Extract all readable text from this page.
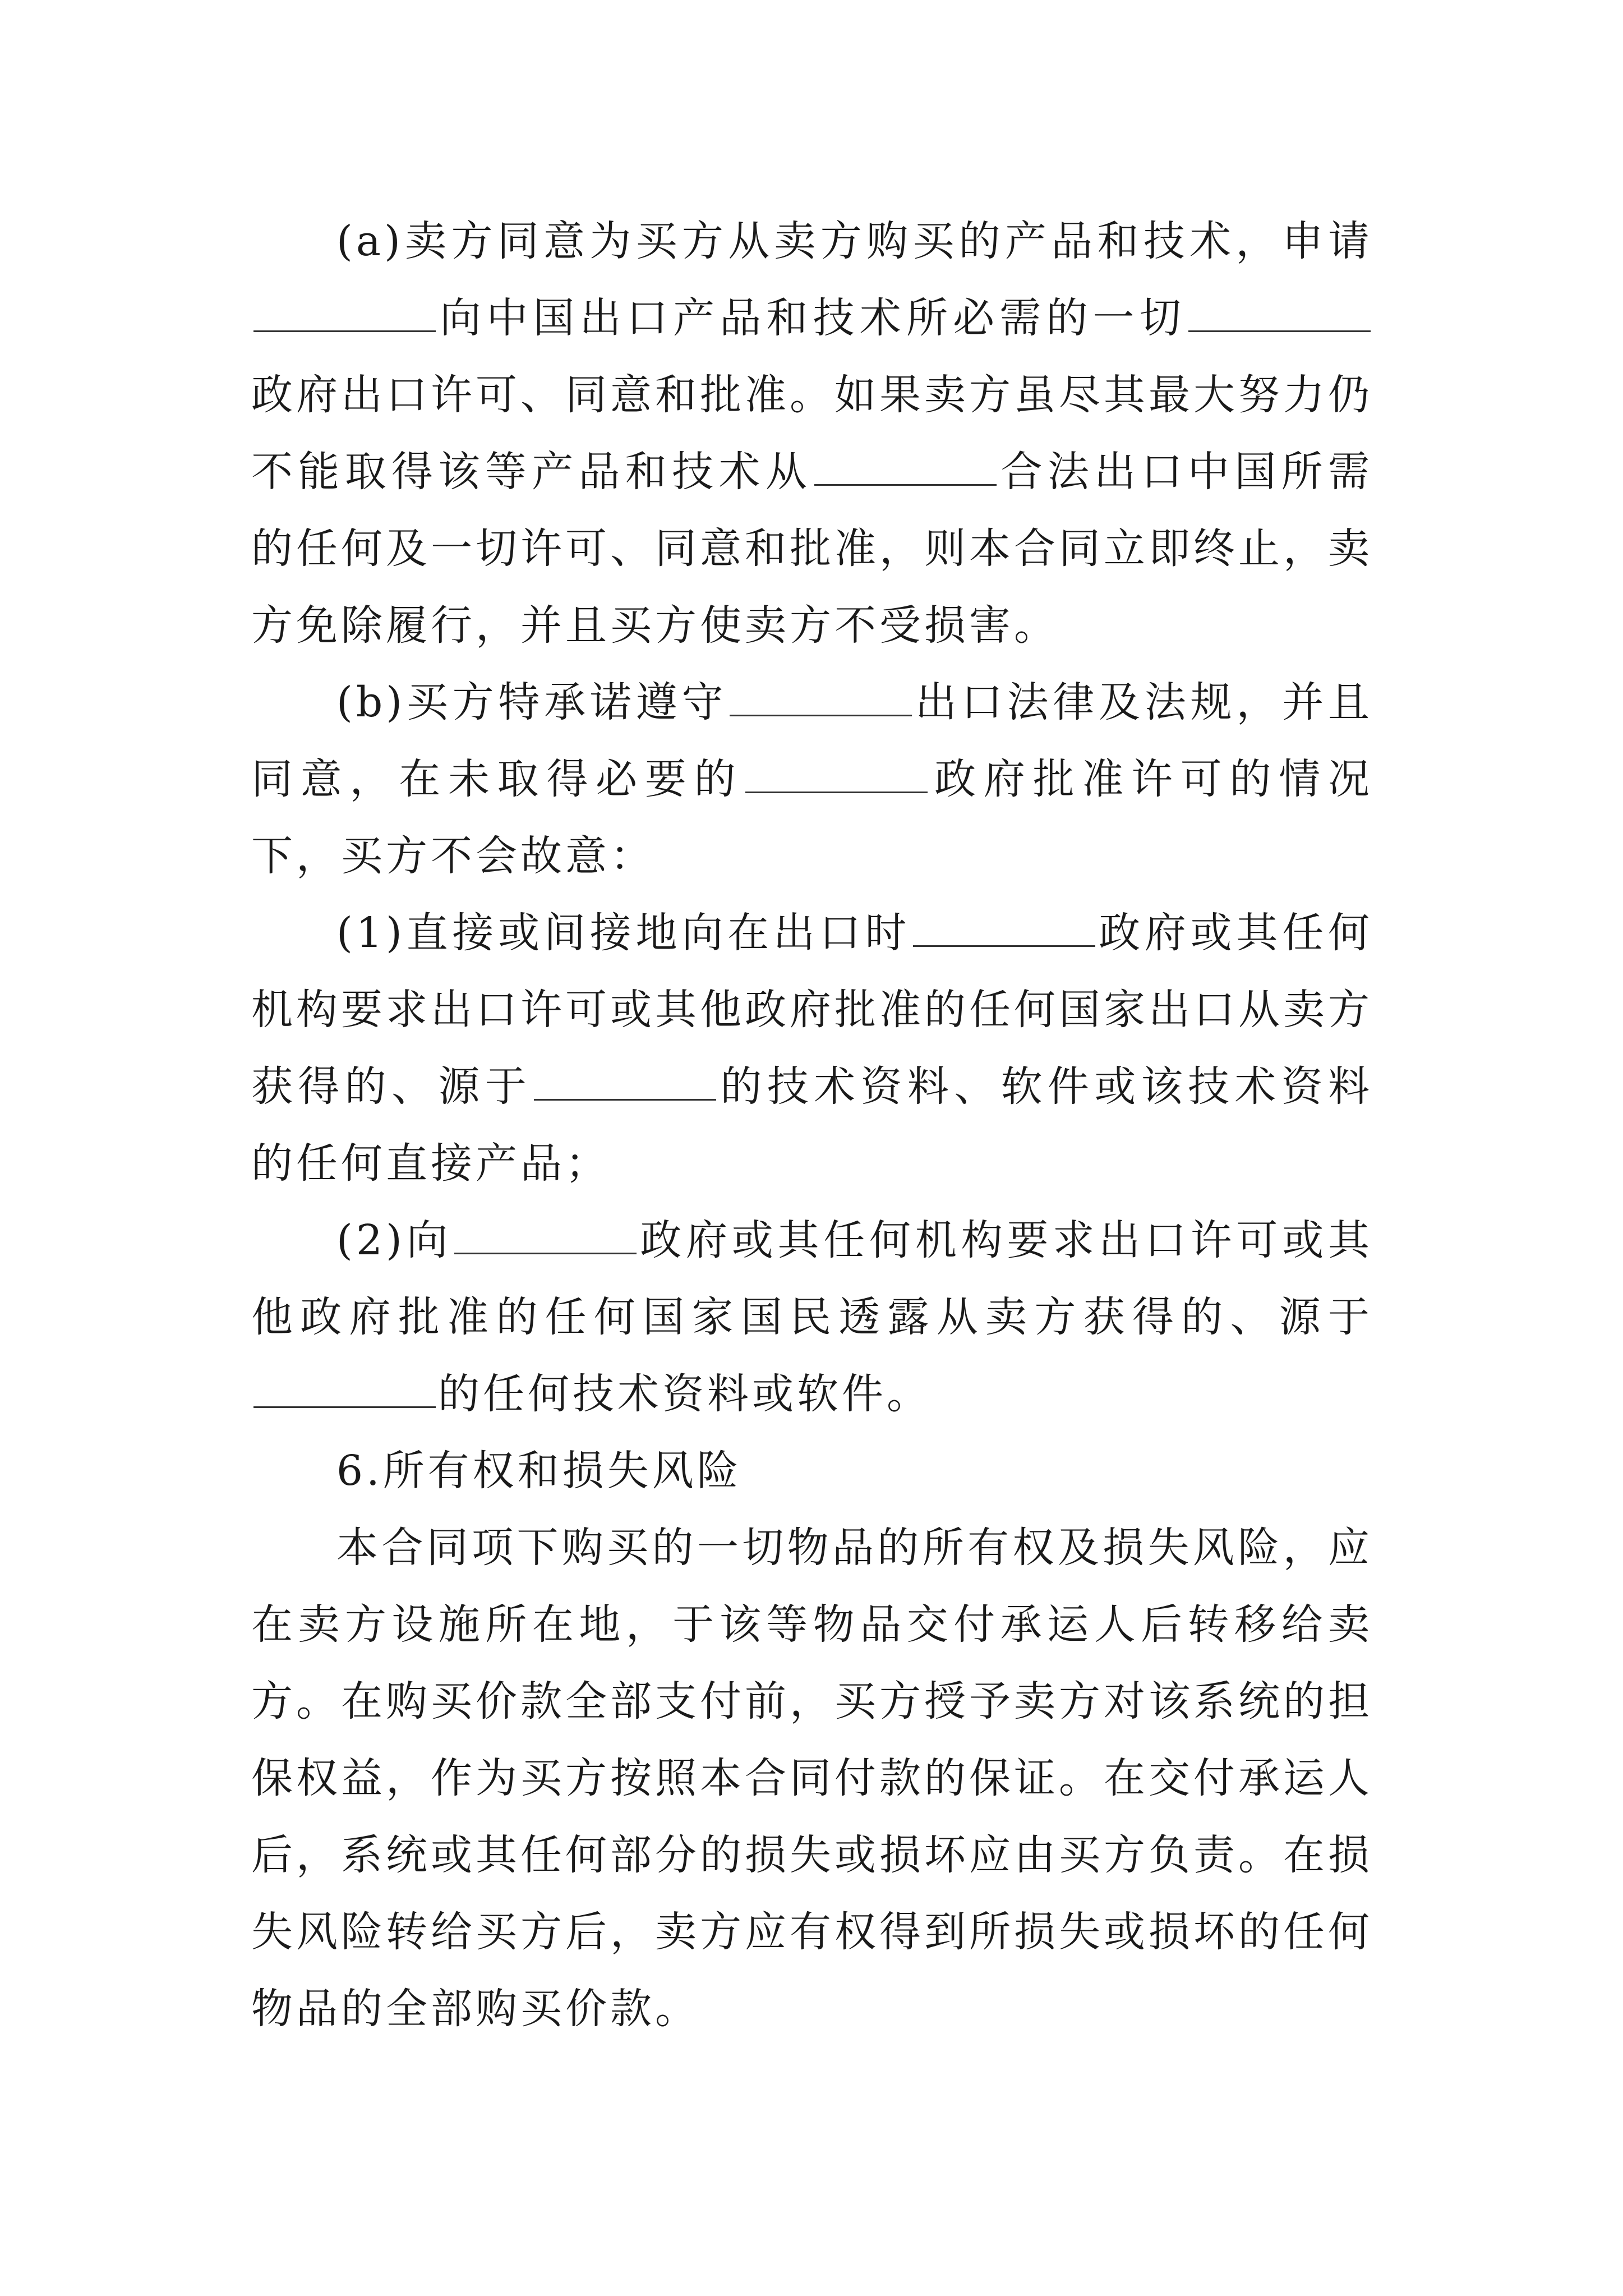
(a)卖方同意为买方从卖方购买的产品和技术，申请向中国出口产品和技术所必需的一切政府出口许可、同意和批准。如果卖方虽尽其最大努力仍不能取得该等产品和技术从	合法出口中国所需的任何及一切许可、同意和批准，则本合同立即终止，卖方免除履行，并且买方使卖方不受损害。

(b)买方特承诺遵守	出口法律及法规，并且同意，在未取得必要的	政府批准许可的情况下，买方不会故意：

(1)直接或间接地向在出口时	政府或其任何机构要求出口许可或其他政府批准的任何国家出口从卖方获得的、源于	的技术资料、软件或该技术资料的任何直接产品；

(2)向	政府或其任何机构要求出口许可或其他政府批准的任何国家国民透露从卖方获得的、源于的任何技术资料或软件。

6.所有权和损失风险

本合同项下购买的一切物品的所有权及损失风险，应在卖方设施所在地，于该等物品交付承运人后转移给卖方。在购买价款全部支付前，买方授予卖方对该系统的担保权益，作为买方按照本合同付款的保证。在交付承运人后，系统或其任何部分的损失或损坏应由买方负责。在损失风险转给买方后，卖方应有权得到所损失或损坏的任何物品的全部购买价款。
